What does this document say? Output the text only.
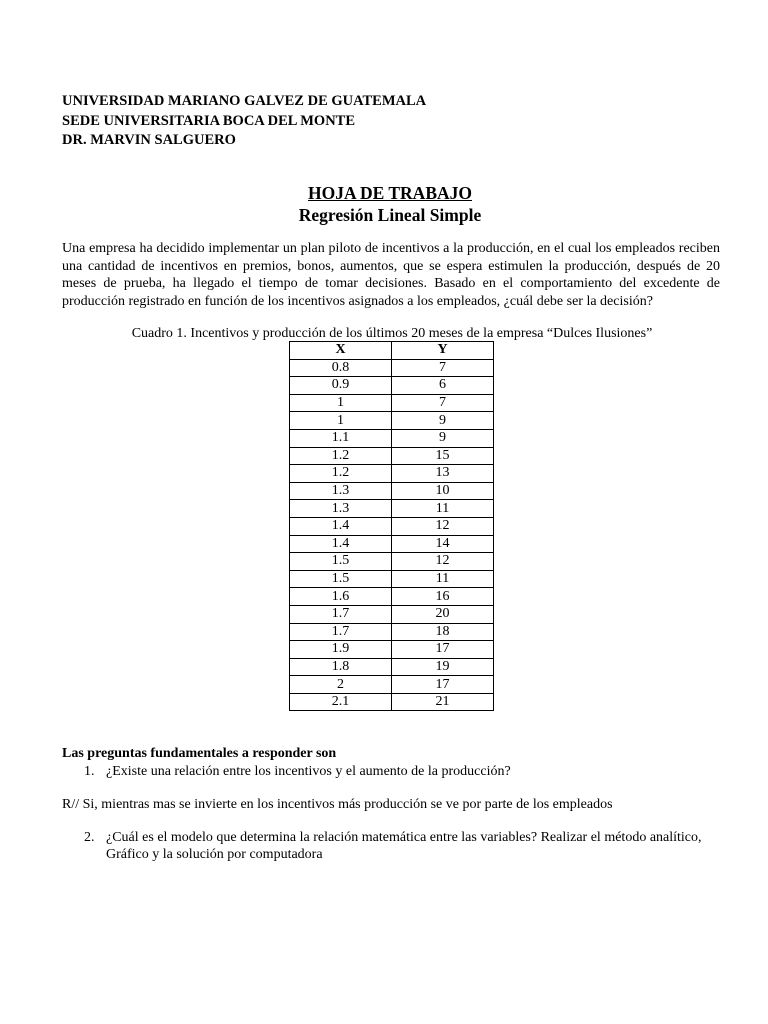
UNIVERSIDAD MARIANO GALVEZ DE GUATEMALA
SEDE UNIVERSITARIA BOCA DEL MONTE
DR. MARVIN SALGUERO
HOJA DE TRABAJO
Regresión Lineal Simple
Una empresa ha decidido implementar un plan piloto de incentivos a la producción, en el cual los empleados reciben una cantidad de incentivos en premios, bonos, aumentos, que se espera estimulen la producción, después de 20 meses de prueba, ha llegado el tiempo de tomar decisiones. Basado en el comportamiento del excedente de producción registrado en función de los incentivos asignados a los empleados, ¿cuál debe ser la decisión?
Cuadro 1. Incentivos y producción de los últimos 20 meses de la empresa “Dulces Ilusiones”
X	Y
0.8	7
0.9	6
1	7
1	9
1.1	9
1.2	15
1.2	13
1.3	10
1.3	11
1.4	12
1.4	14
1.5	12
1.5	11
1.6	16
1.7	20
1.7	18
1.9	17
1.8	19
2	17
2.1	21
Las preguntas fundamentales a responder son
1. ¿Existe una relación entre los incentivos y el aumento de la producción?
R// Si, mientras mas se invierte en los incentivos más producción se ve por parte de los empleados
2. ¿Cuál es el modelo que determina la relación matemática entre las variables? Realizar el método analítico, Gráfico y la solución por computadora
